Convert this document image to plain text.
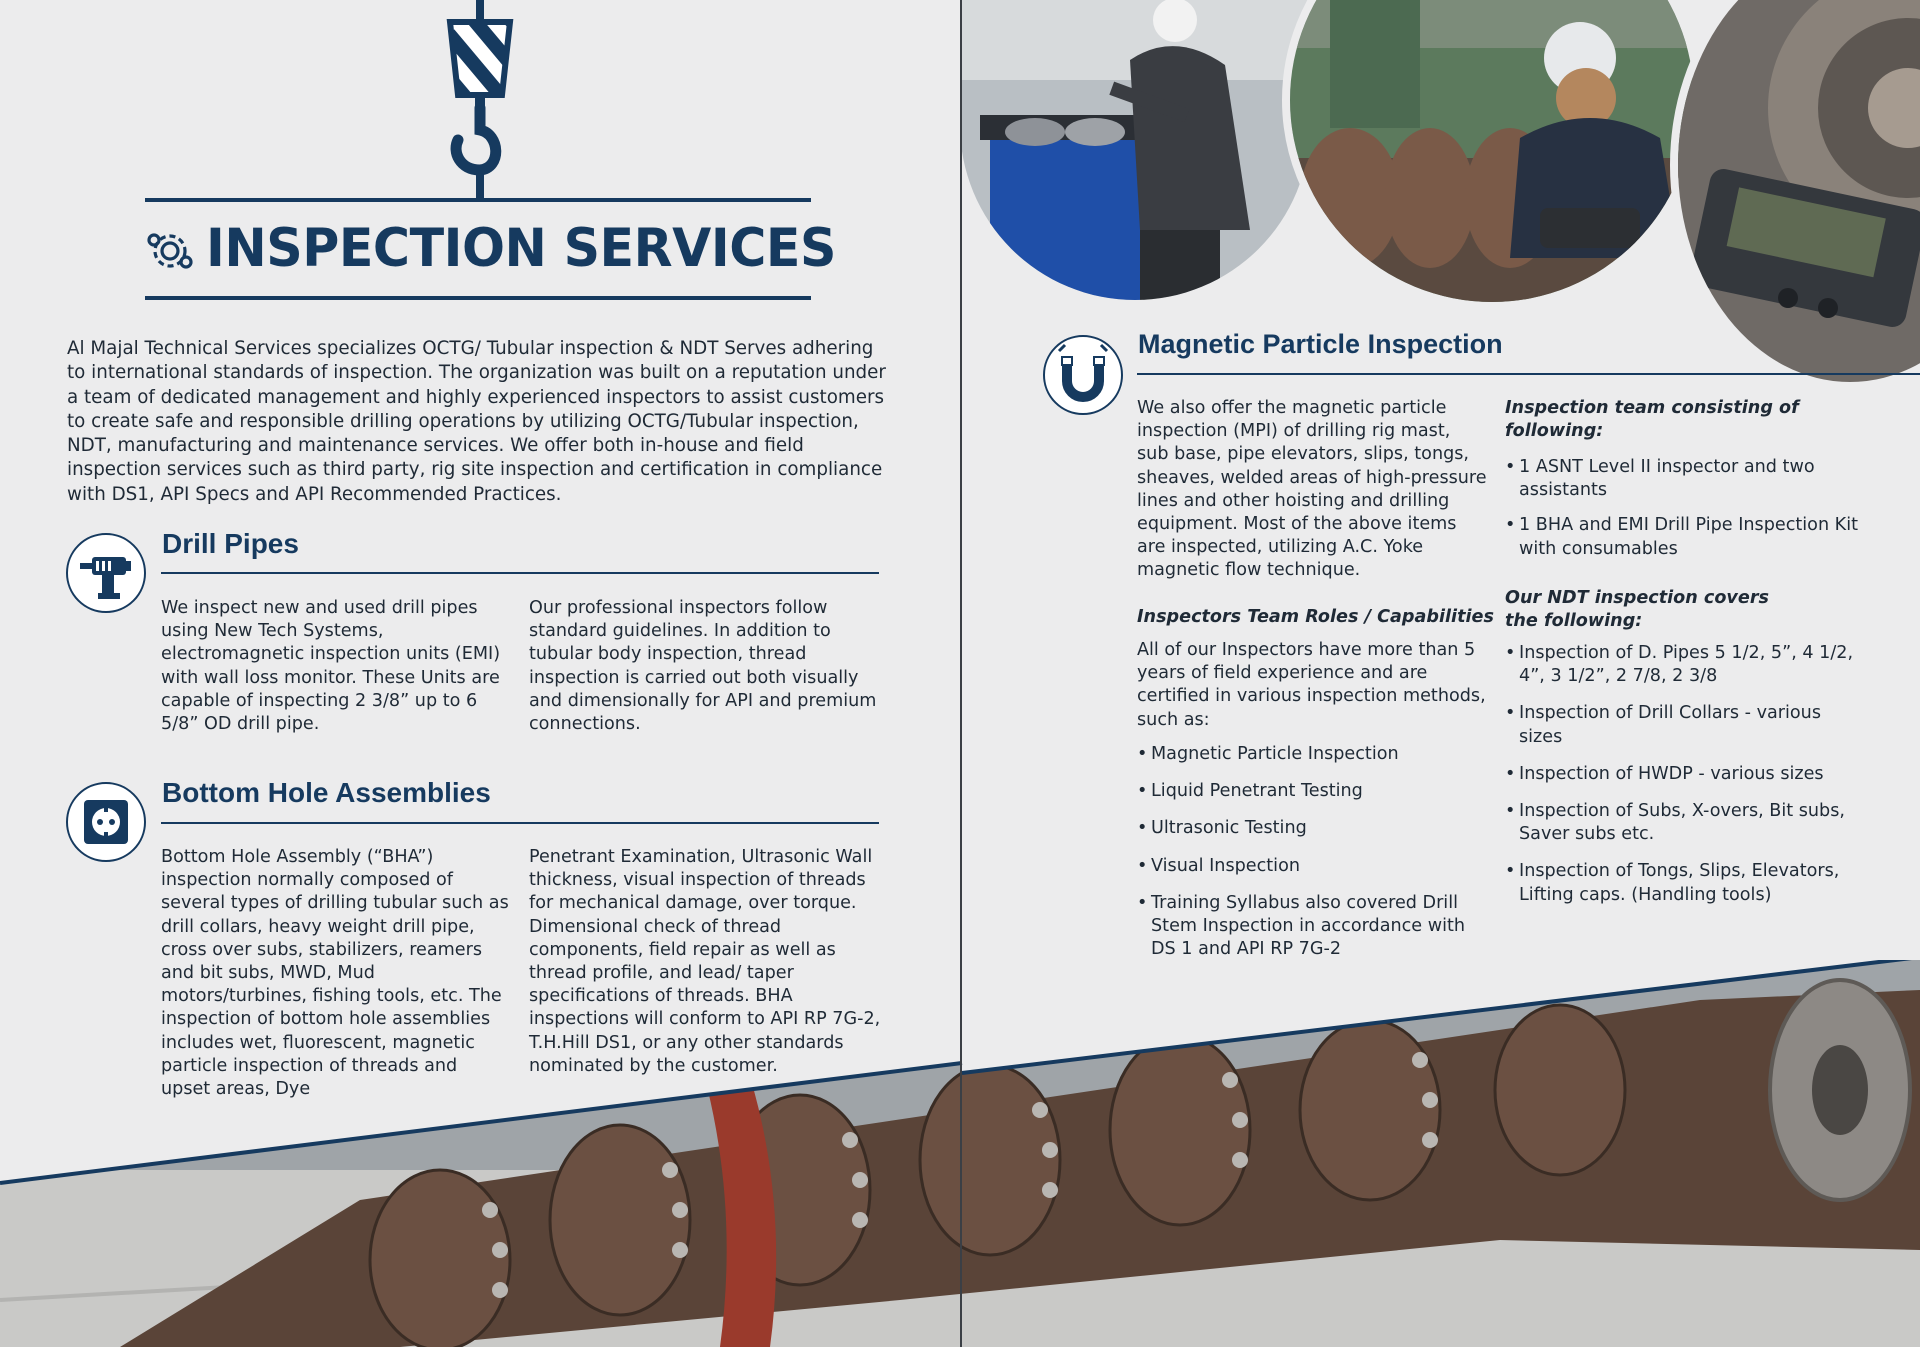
INSPECTION SERVICES
Al Majal Technical Services specializes OCTG/ Tubular inspection & NDT Serves adhering to international standards of inspection. The organization was built on a reputation under a team of dedicated management and highly experienced inspectors to assist customers to create safe and responsible drilling operations by utilizing OCTG/Tubular inspection, NDT, manufacturing and maintenance services. We offer both in-house and field inspection services such as third party, rig site inspection and certification in compliance with DS1, API Specs and API Recommended Practices.
Drill Pipes
We inspect new and used drill pipes using New Tech Systems, electromagnetic inspection units (EMI) with wall loss monitor. These Units are capable of inspecting 2 3/8” up to 6 5/8” OD drill pipe.
Our professional inspectors follow standard guidelines. In addition to tubular body inspection, thread inspection is carried out both visually and dimensionally for API and premium connections.
Bottom Hole Assemblies
Bottom Hole Assembly (“BHA”) inspection normally composed of several types of drilling tubular such as drill collars, heavy weight drill pipe, cross over subs, stabilizers, reamers and bit subs, MWD, Mud motors/turbines, fishing tools, etc. The inspection of bottom hole assemblies includes wet, fluorescent, magnetic particle inspection of threads and upset areas, Dye
Penetrant Examination, Ultrasonic Wall thickness, visual inspection of threads for mechanical damage, over torque. Dimensional check of thread components, field repair as well as thread profile, and lead/ taper specifications of threads. BHA inspections will conform to API RP 7G-2, T.H.Hill DS1, or any other standards nominated by the customer.
Magnetic Particle Inspection
We also offer the magnetic particle inspection (MPI) of drilling rig mast, sub base, pipe elevators, slips, tongs, sheaves, welded areas of high-pressure lines and other hoisting and drilling equipment. Most of the above items are inspected, utilizing A.C. Yoke magnetic flow technique.
Inspectors Team Roles / Capabilities
All of our Inspectors have more than 5 years of field experience and are certified in various inspection methods, such as:
• Magnetic Particle Inspection
• Liquid Penetrant Testing
• Ultrasonic Testing
• Visual Inspection
• Training Syllabus also covered Drill Stem Inspection in accordance with DS 1 and API RP 7G-2
Inspection team consisting of following:
• 1 ASNT Level II inspector and two assistants
• 1 BHA and EMI Drill Pipe Inspection Kit with consumables
Our NDT inspection covers the following:
• Inspection of D. Pipes 5 1/2, 5”, 4 1/2, 4”, 3 1/2”, 2 7/8, 2 3/8
• Inspection of Drill Collars - various sizes
• Inspection of HWDP - various sizes
• Inspection of Subs, X-overs, Bit subs, Saver subs etc.
• Inspection of Tongs, Slips, Elevators, Lifting caps. (Handling tools)
